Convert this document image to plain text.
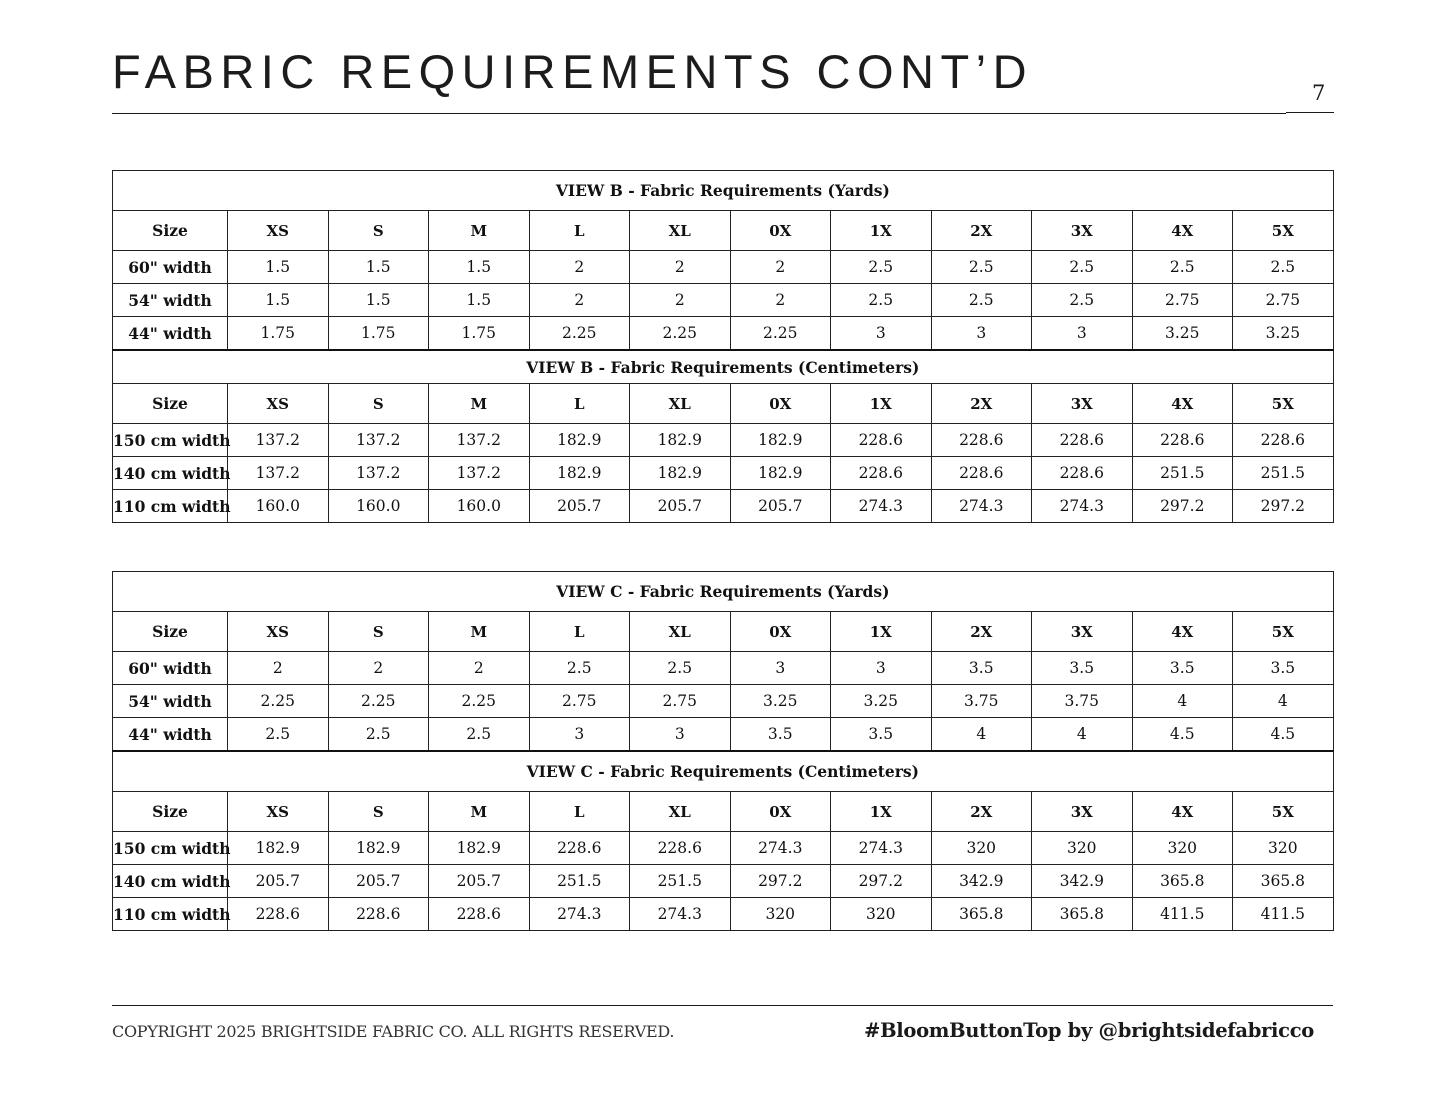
FABRIC REQUIREMENTS CONT’D	7
VIEW B - Fabric Requirements (Yards)											
Size	XS	S	M	L	XL	0X	1X	2X	3X	4X	5X
60" width	1.5	1.5	1.5	2	2	2	2.5	2.5	2.5	2.5	2.5
54" width	1.5	1.5	1.5	2	2	2	2.5	2.5	2.5	2.75	2.75
44" width	1.75	1.75	1.75	2.25	2.25	2.25	3	3	3	3.25	3.25
VIEW B - Fabric Requirements (Centimeters)											
Size	XS	S	M	L	XL	0X	1X	2X	3X	4X	5X
150 cm width	137.2	137.2	137.2	182.9	182.9	182.9	228.6	228.6	228.6	228.6	228.6
140 cm width	137.2	137.2	137.2	182.9	182.9	182.9	228.6	228.6	228.6	251.5	251.5
110 cm width	160.0	160.0	160.0	205.7	205.7	205.7	274.3	274.3	274.3	297.2	297.2
VIEW C - Fabric Requirements (Yards)											
Size	XS	S	M	L	XL	0X	1X	2X	3X	4X	5X
60" width	2	2	2	2.5	2.5	3	3	3.5	3.5	3.5	3.5
54" width	2.25	2.25	2.25	2.75	2.75	3.25	3.25	3.75	3.75	4	4
44" width	2.5	2.5	2.5	3	3	3.5	3.5	4	4	4.5	4.5
VIEW C - Fabric Requirements (Centimeters)											
Size	XS	S	M	L	XL	0X	1X	2X	3X	4X	5X
150 cm width	182.9	182.9	182.9	228.6	228.6	274.3	274.3	320	320	320	320
140 cm width	205.7	205.7	205.7	251.5	251.5	297.2	297.2	342.9	342.9	365.8	365.8
110 cm width	228.6	228.6	228.6	274.3	274.3	320	320	365.8	365.8	411.5	411.5
COPYRIGHT 2025 BRIGHTSIDE FABRIC CO. ALL RIGHTS RESERVED.	#BloomButtonTop by @brightsidefabricco
